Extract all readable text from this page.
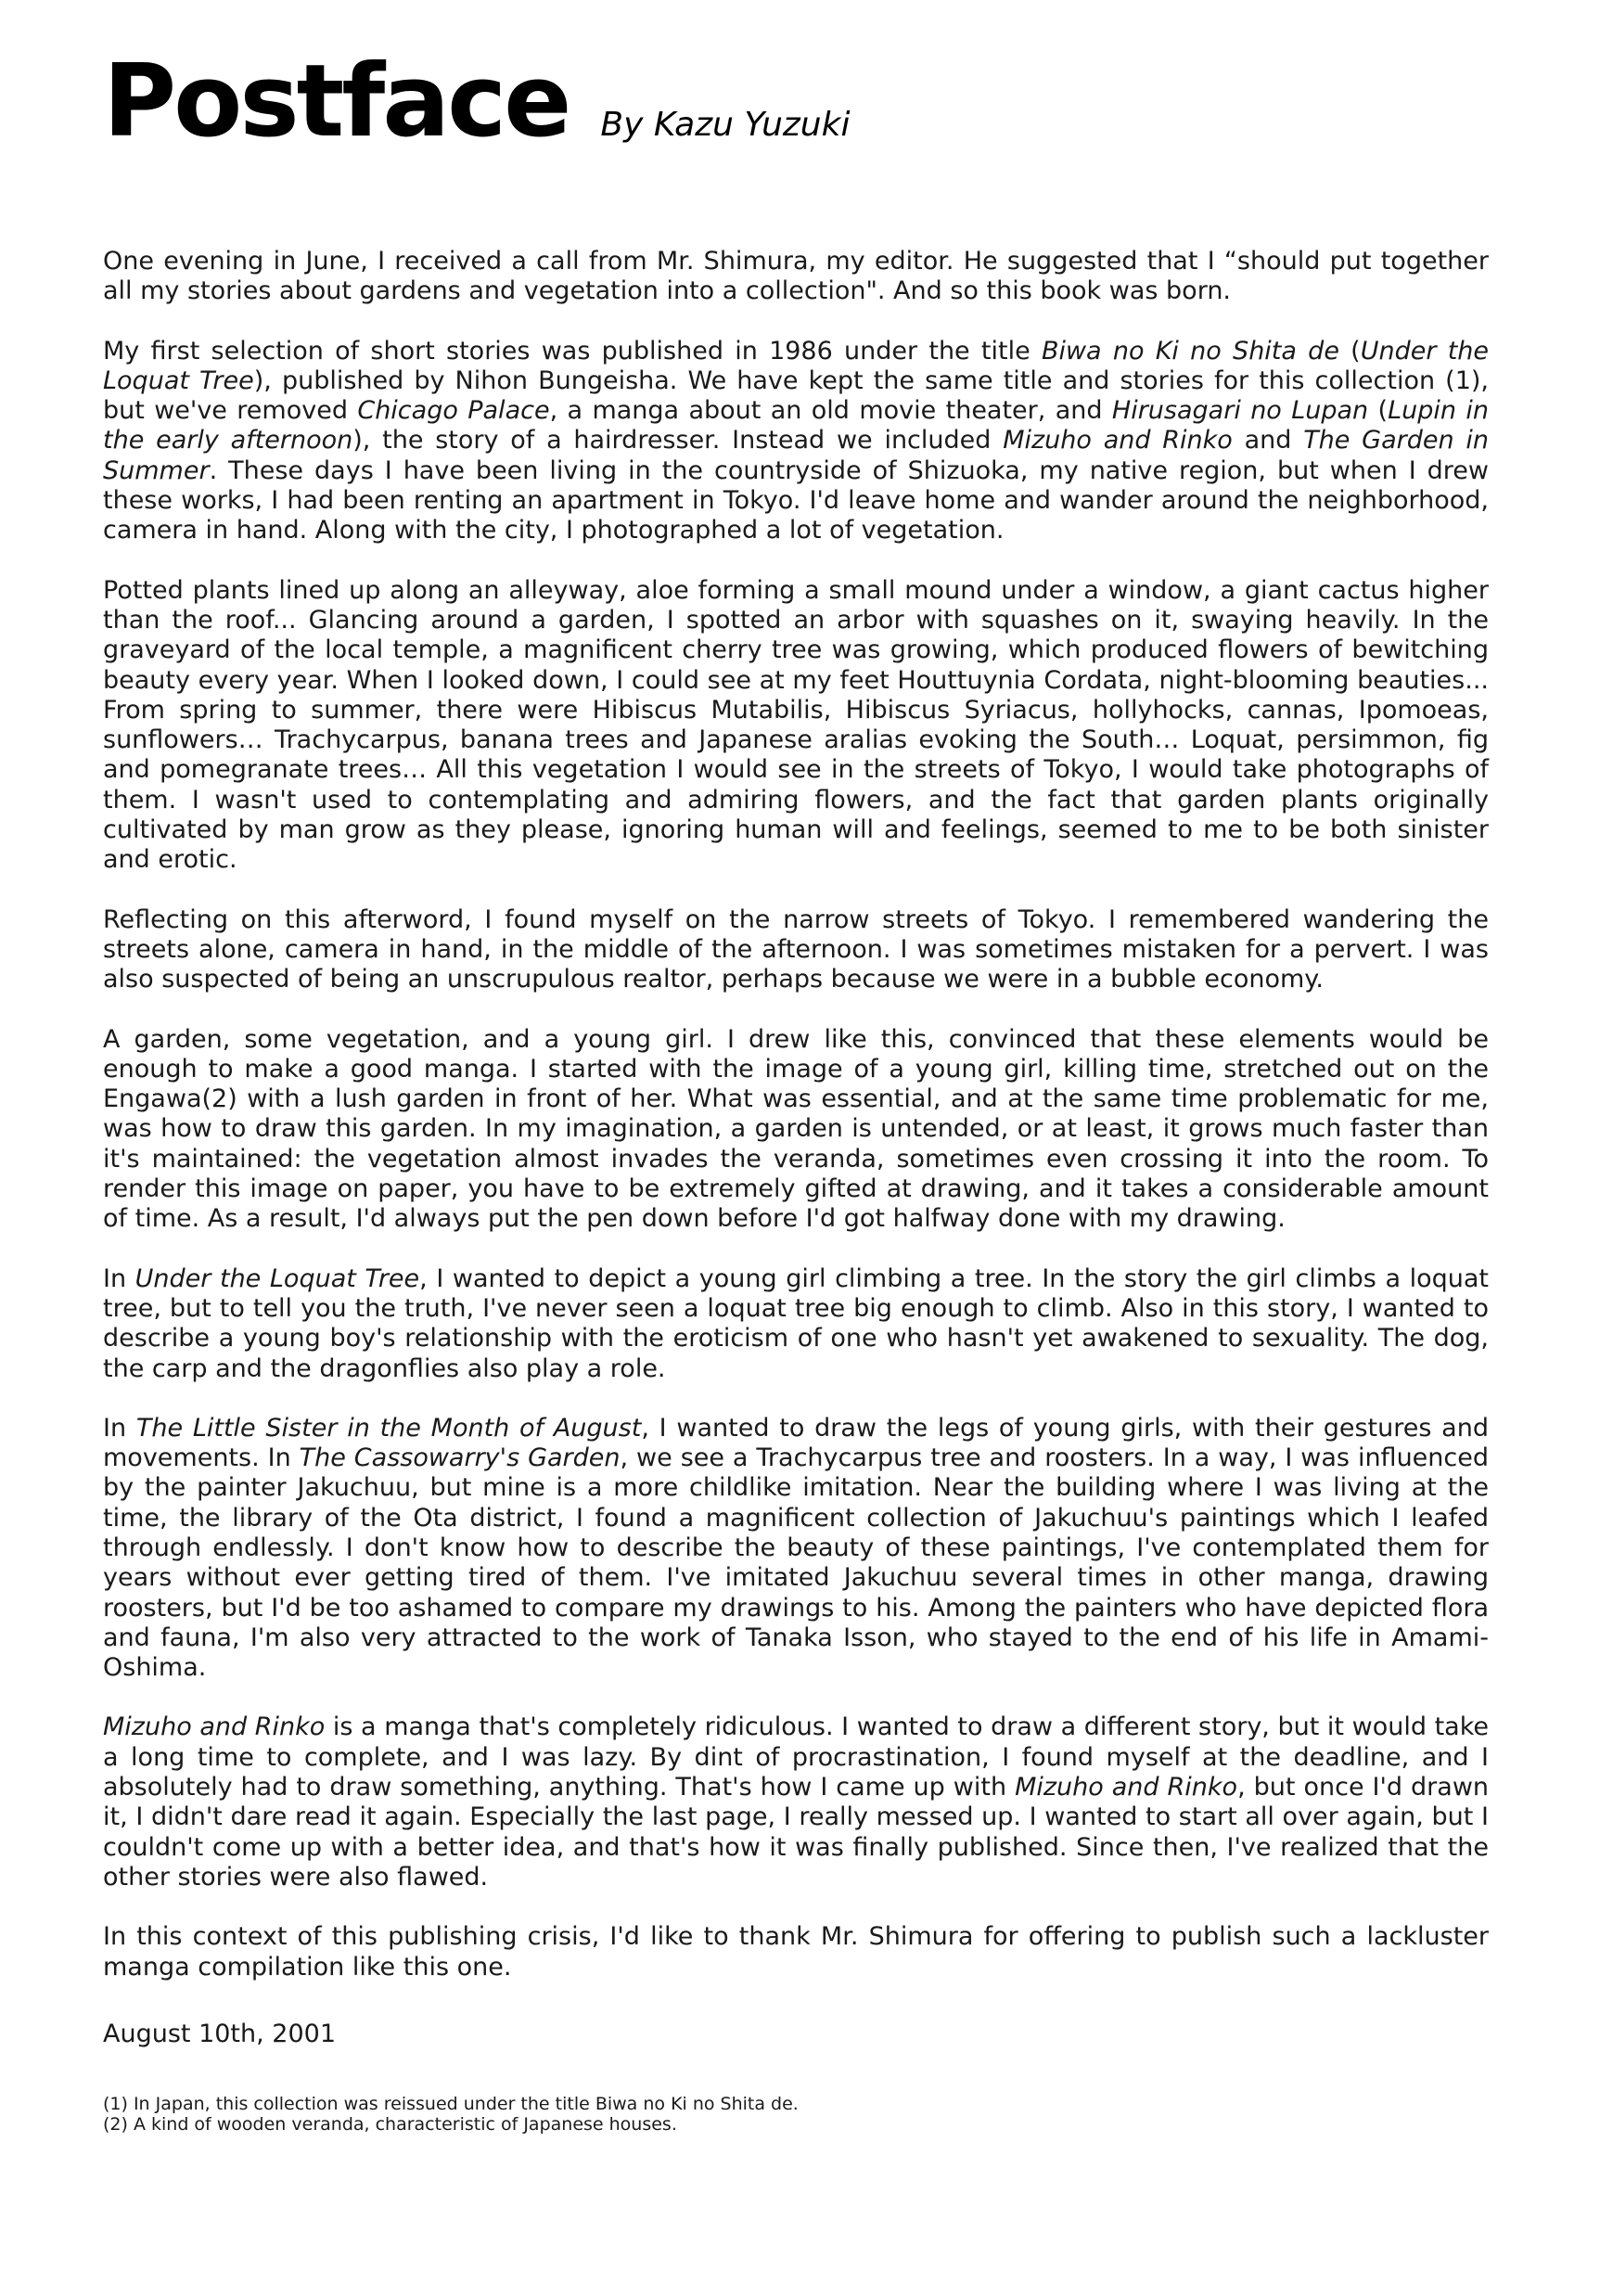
Postface By Kazu Yuzuki

One evening in June, I received a call from Mr. Shimura, my editor. He suggested that I “should put together all my stories about gardens and vegetation into a collection". And so this book was born.

My first selection of short stories was published in 1986 under the title Biwa no Ki no Shita de (Under the Loquat Tree), published by Nihon Bungeisha. We have kept the same title and stories for this collection (1), but we've removed Chicago Palace, a manga about an old movie theater, and Hirusagari no Lupan (Lupin in the early afternoon), the story of a hairdresser. Instead we included Mizuho and Rinko and The Garden in Summer. These days I have been living in the countryside of Shizuoka, my native region, but when I drew these works, I had been renting an apartment in Tokyo. I'd leave home and wander around the neighborhood, camera in hand. Along with the city, I photographed a lot of vegetation.

Potted plants lined up along an alleyway, aloe forming a small mound under a window, a giant cactus higher than the roof... Glancing around a garden, I spotted an arbor with squashes on it, swaying heavily. In the graveyard of the local temple, a magnificent cherry tree was growing, which produced flowers of bewitching beauty every year. When I looked down, I could see at my feet Houttuynia Cordata, night-blooming beauties... From spring to summer, there were Hibiscus Mutabilis, Hibiscus Syriacus, hollyhocks, cannas, Ipomoeas, sunflowers… Trachycarpus, banana trees and Japanese aralias evoking the South… Loquat, persimmon, fig and pomegranate trees… All this vegetation I would see in the streets of Tokyo, I would take photographs of them. I wasn't used to contemplating and admiring flowers, and the fact that garden plants originally cultivated by man grow as they please, ignoring human will and feelings, seemed to me to be both sinister and erotic.

Reflecting on this afterword, I found myself on the narrow streets of Tokyo. I remembered wandering the streets alone, camera in hand, in the middle of the afternoon. I was sometimes mistaken for a pervert. I was also suspected of being an unscrupulous realtor, perhaps because we were in a bubble economy.

A garden, some vegetation, and a young girl. I drew like this, convinced that these elements would be enough to make a good manga. I started with the image of a young girl, killing time, stretched out on the Engawa(2) with a lush garden in front of her. What was essential, and at the same time problematic for me, was how to draw this garden. In my imagination, a garden is untended, or at least, it grows much faster than it's maintained: the vegetation almost invades the veranda, sometimes even crossing it into the room. To render this image on paper, you have to be extremely gifted at drawing, and it takes a considerable amount of time. As a result, I'd always put the pen down before I'd got halfway done with my drawing.

In Under the Loquat Tree, I wanted to depict a young girl climbing a tree. In the story the girl climbs a loquat tree, but to tell you the truth, I've never seen a loquat tree big enough to climb. Also in this story, I wanted to describe a young boy's relationship with the eroticism of one who hasn't yet awakened to sexuality. The dog, the carp and the dragonflies also play a role.

In The Little Sister in the Month of August, I wanted to draw the legs of young girls, with their gestures and movements. In The Cassowarry's Garden, we see a Trachycarpus tree and roosters. In a way, I was influenced by the painter Jakuchuu, but mine is a more childlike imitation. Near the building where I was living at the time, the library of the Ota district, I found a magnificent collection of Jakuchuu's paintings which I leafed through endlessly. I don't know how to describe the beauty of these paintings, I've contemplated them for years without ever getting tired of them. I've imitated Jakuchuu several times in other manga, drawing roosters, but I'd be too ashamed to compare my drawings to his. Among the painters who have depicted flora and fauna, I'm also very attracted to the work of Tanaka Isson, who stayed to the end of his life in Amami-Oshima.

Mizuho and Rinko is a manga that's completely ridiculous. I wanted to draw a different story, but it would take a long time to complete, and I was lazy. By dint of procrastination, I found myself at the deadline, and I absolutely had to draw something, anything. That's how I came up with Mizuho and Rinko, but once I'd drawn it, I didn't dare read it again. Especially the last page, I really messed up. I wanted to start all over again, but I couldn't come up with a better idea, and that's how it was finally published. Since then, I've realized that the other stories were also flawed.

In this context of this publishing crisis, I'd like to thank Mr. Shimura for offering to publish such a lackluster manga compilation like this one.

August 10th, 2001

(1) In Japan, this collection was reissued under the title Biwa no Ki no Shita de.
(2) A kind of wooden veranda, characteristic of Japanese houses.
